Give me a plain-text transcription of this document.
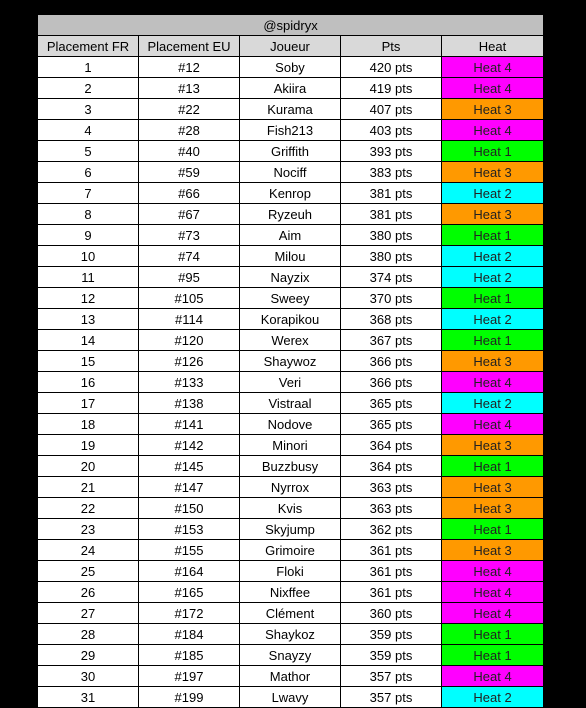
@spidryx				
Placement FR	Placement EU	Joueur	Pts	Heat
1	#12	Soby	420 pts	Heat 4
2	#13	Akiira	419 pts	Heat 4
3	#22	Kurama	407 pts	Heat 3
4	#28	Fish213	403 pts	Heat 4
5	#40	Griffith	393 pts	Heat 1
6	#59	Nociff	383 pts	Heat 3
7	#66	Kenrop	381 pts	Heat 2
8	#67	Ryzeuh	381 pts	Heat 3
9	#73	Aim	380 pts	Heat 1
10	#74	Milou	380 pts	Heat 2
11	#95	Nayzix	374 pts	Heat 2
12	#105	Sweey	370 pts	Heat 1
13	#114	Korapikou	368 pts	Heat 2
14	#120	Werex	367 pts	Heat 1
15	#126	Shaywoz	366 pts	Heat 3
16	#133	Veri	366 pts	Heat 4
17	#138	Vistraal	365 pts	Heat 2
18	#141	Nodove	365 pts	Heat 4
19	#142	Minori	364 pts	Heat 3
20	#145	Buzzbusy	364 pts	Heat 1
21	#147	Nyrrox	363 pts	Heat 3
22	#150	Kvis	363 pts	Heat 3
23	#153	Skyjump	362 pts	Heat 1
24	#155	Grimoire	361 pts	Heat 3
25	#164	Floki	361 pts	Heat 4
26	#165	Nixffee	361 pts	Heat 4
27	#172	Clément	360 pts	Heat 4
28	#184	Shaykoz	359 pts	Heat 1
29	#185	Snayzy	359 pts	Heat 1
30	#197	Mathor	357 pts	Heat 4
31	#199	Lwavy	357 pts	Heat 2
